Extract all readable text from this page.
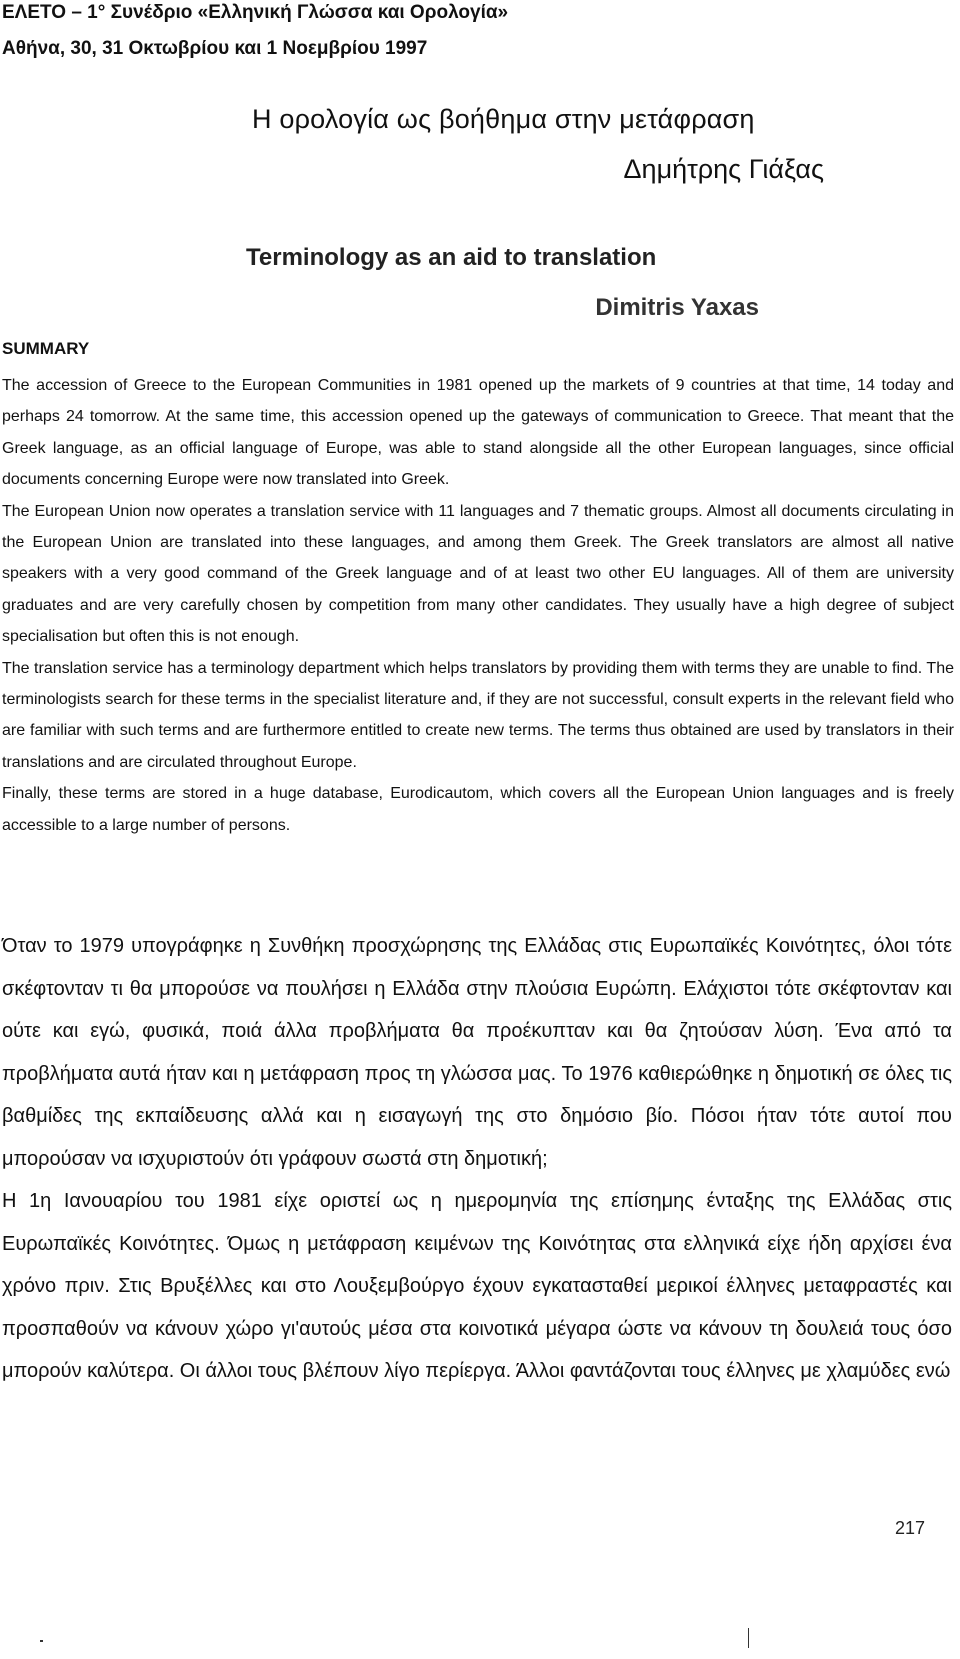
ΕΛΕΤΟ – 1° Συνέδριο «Ελληνική Γλώσσα και Ορολογία»
Αθήνα, 30, 31 Οκτωβρίου και 1 Νοεμβρίου 1997
Η ορολογία ως βοήθημα στην μετάφραση
Δημήτρης Γιάξας
Terminology as an aid to translation
Dimitris Yaxas
SUMMARY

The accession of Greece to the European Communities in 1981 opened up the markets of 9 countries at that time, 14 today and perhaps 24 tomorrow. At the same time, this accession opened up the gateways of communication to Greece. That meant that the Greek language, as an official language of Europe, was able to stand alongside all the other European languages, since official documents concerning Europe were now translated into Greek.

The European Union now operates a translation service with 11 languages and 7 thematic groups. Almost all documents circulating in the European Union are translated into these languages, and among them Greek. The Greek translators are almost all native speakers with a very good command of the Greek language and of at least two other EU languages. All of them are university graduates and are very carefully chosen by competition from many other candidates. They usually have a high degree of subject specialisation but often this is not enough.

The translation service has a terminology department which helps translators by providing them with terms they are unable to find. The terminologists search for these terms in the specialist literature and, if they are not successful, consult experts in the relevant field who are familiar with such terms and are furthermore entitled to create new terms. The terms thus obtained are used by translators in their translations and are circulated throughout Europe.

Finally, these terms are stored in a huge database, Eurodicautom, which covers all the European Union languages and is freely accessible to a large number of persons.

Όταν το 1979 υπογράφηκε η Συνθήκη προσχώρησης της Ελλάδας στις Ευρωπαϊκές Κοινότητες, όλοι τότε σκέφτονταν τι θα μπορούσε να πουλήσει η Ελλάδα στην πλούσια Ευρώπη. Ελάχιστοι τότε σκέφτονταν και ούτε και εγώ, φυσικά, ποιά άλλα προβλήματα θα προέκυπταν και θα ζητούσαν λύση. Ένα από τα προβλήματα αυτά ήταν και η μετάφραση προς τη γλώσσα μας. Το 1976 καθιερώθηκε η δημοτική σε όλες τις βαθμίδες της εκπαίδευσης αλλά και η εισαγωγή της στο δημόσιο βίο. Πόσοι ήταν τότε αυτοί που μπορούσαν να ισχυριστούν ότι γράφουν σωστά στη δημοτική;

Η 1η Ιανουαρίου του 1981 είχε οριστεί ως η ημερομηνία της επίσημης ένταξης της Ελλάδας στις Ευρωπαϊκές Κοινότητες. Όμως η μετάφραση κειμένων της Κοινότητας στα ελληνικά είχε ήδη αρχίσει ένα χρόνο πριν. Στις Βρυξέλλες και στο Λουξεμβούργο έχουν εγκατασταθεί μερικοί έλληνες μεταφραστές και προσπαθούν να κάνουν χώρο γι'αυτούς μέσα στα κοινοτικά μέγαρα ώστε να κάνουν τη δουλειά τους όσο μπορούν καλύτερα. Οι άλλοι τους βλέπουν λίγο περίεργα. Άλλοι φαντάζονται τους έλληνες με χλαμύδες ενώ

217
